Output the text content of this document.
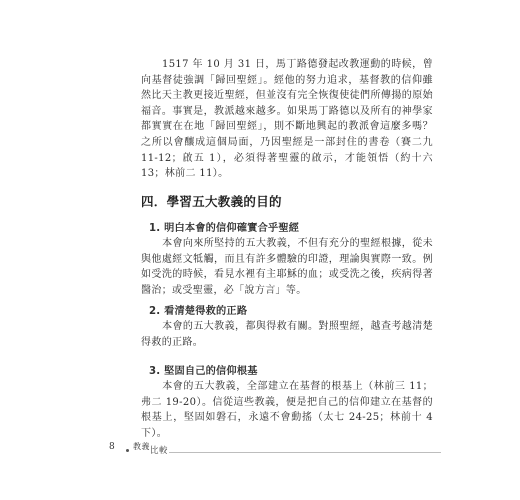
1517 年 10 月 31 日，馬丁路德發起改教運動的時候，曾向基督徒強調「歸回聖經」。經他的努力追求，基督教的信仰雖然比天主教更接近聖經，但並沒有完全恢復使徒們所傳揚的原始福音。事實是，教派越來越多。如果馬丁路德以及所有的神學家都實實在在地「歸回聖經」，則不斷地興起的教派會這麼多嗎？之所以會釀成這個局面，乃因聖經是一部封住的書卷（賽二九 11-12；啟五 1），必須得著聖靈的啟示，才能領悟（約十六 13；林前二 11）。

四．學習五大教義的目的
1. 明白本會的信仰確實合乎聖經

本會向來所堅持的五大教義，不但有充分的聖經根據，從未與他處經文牴觸，而且有許多體驗的印證，理論與實際一致。例如受洗的時候，看見水裡有主耶穌的血；或受洗之後，疾病得著醫治；或受聖靈，必「說方言」等。

2. 看清楚得救的正路

本會的五大教義，都與得救有關。對照聖經，越查考越清楚得救的正路。

3. 堅固自己的信仰根基

本會的五大教義，全部建立在基督的根基上（林前三 11；弗二 19-20）。信從這些教義，便是把自己的信仰建立在基督的根基上，堅固如磐石，永遠不會動搖（太七 24-25；林前十 4 下）。

8 教義比較
